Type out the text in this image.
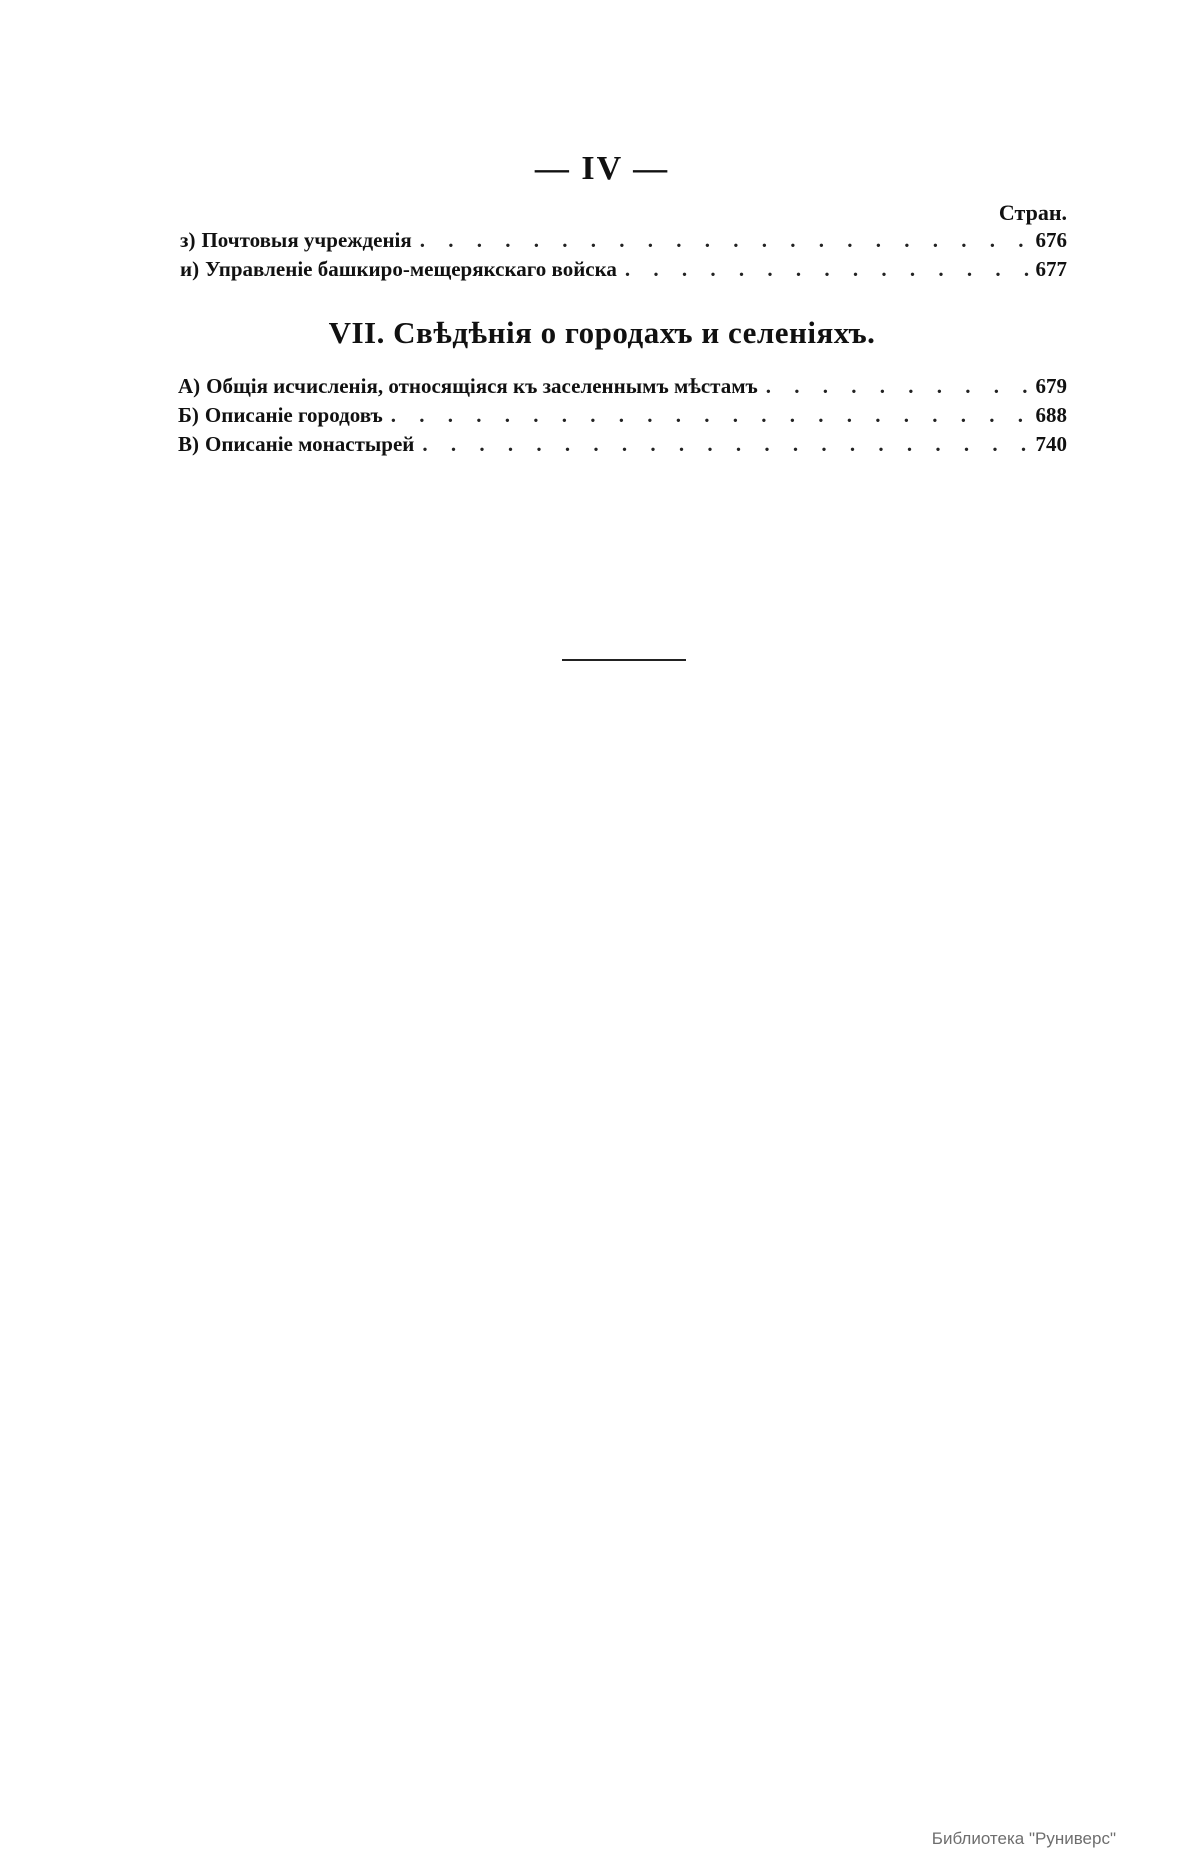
— IV —
Стран.
з) Почтовыя учрежденія . . .	676
и) Управленіе башкиро-мещерякскаго войска . . .	677
VII. Свѣдѣнія о городахъ и селеніяхъ.
А) Общія исчисленія, относящіяся къ заселеннымъ мѣстамъ . . .	679
Б) Описаніе городовъ . . .	688
В) Описаніе монастырей . . .	740
Библиотека "Руниверс"
